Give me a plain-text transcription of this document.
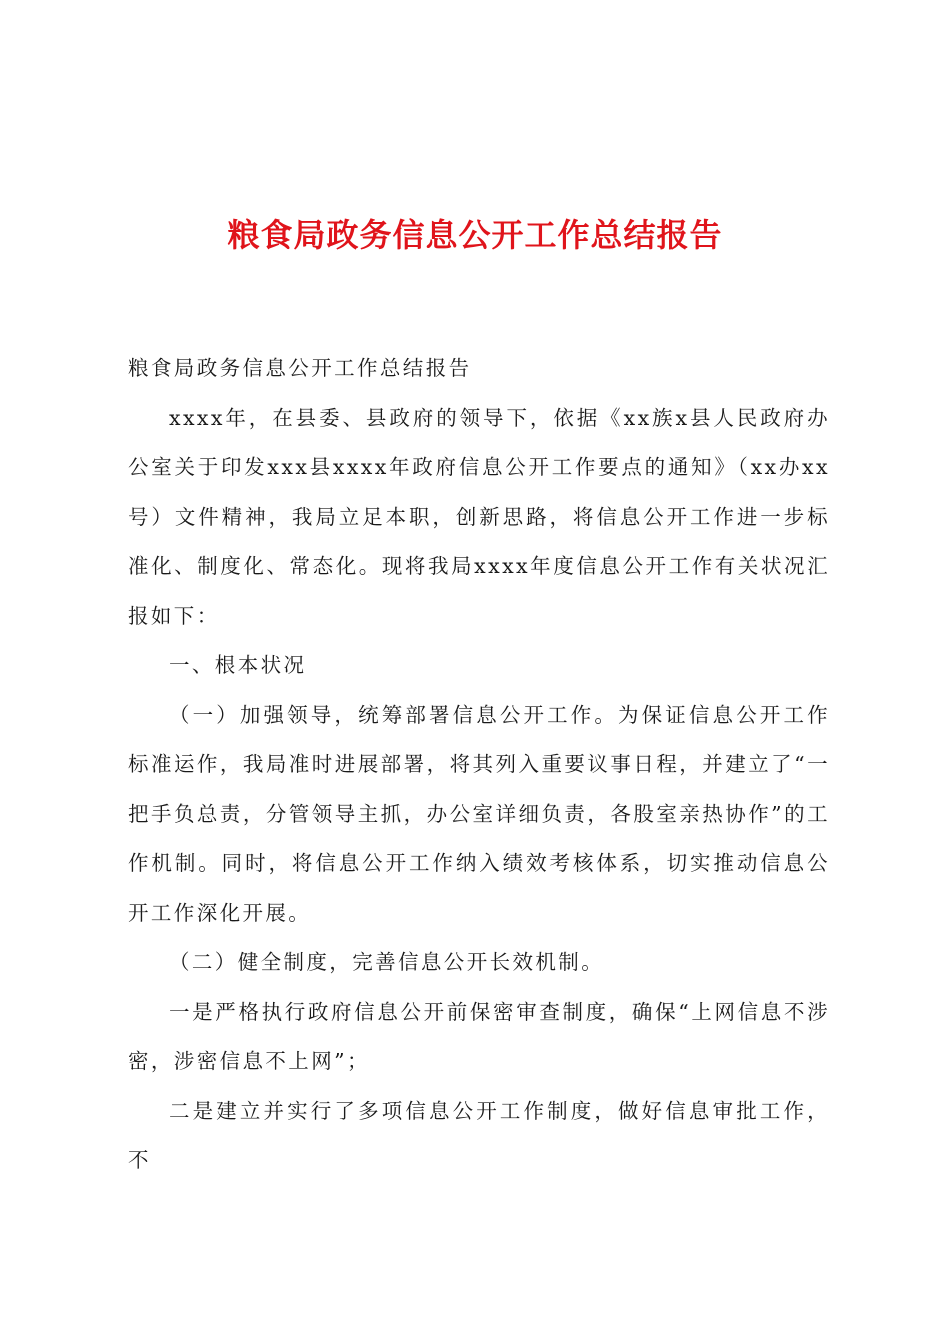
粮食局政务信息公开工作总结报告

粮食局政务信息公开工作总结报告

xxxx年，在县委、县政府的领导下，依据《xx族x县人民政府办公室关于印发xxx县xxxx年政府信息公开工作要点的通知》（xx办xx号）文件精神，我局立足本职，创新思路，将信息公开工作进一步标准化、制度化、常态化。现将我局xxxx年度信息公开工作有关状况汇报如下：

一、根本状况

（一）加强领导，统筹部署信息公开工作。为保证信息公开工作标准运作，我局准时进展部署，将其列入重要议事日程，并建立了“一把手负总责，分管领导主抓，办公室详细负责，各股室亲热协作”的工作机制。同时，将信息公开工作纳入绩效考核体系，切实推动信息公开工作深化开展。

（二）健全制度，完善信息公开长效机制。

一是严格执行政府信息公开前保密审查制度，确保“上网信息不涉密，涉密信息不上网”；

二是建立并实行了多项信息公开工作制度，做好信息审批工作，不
